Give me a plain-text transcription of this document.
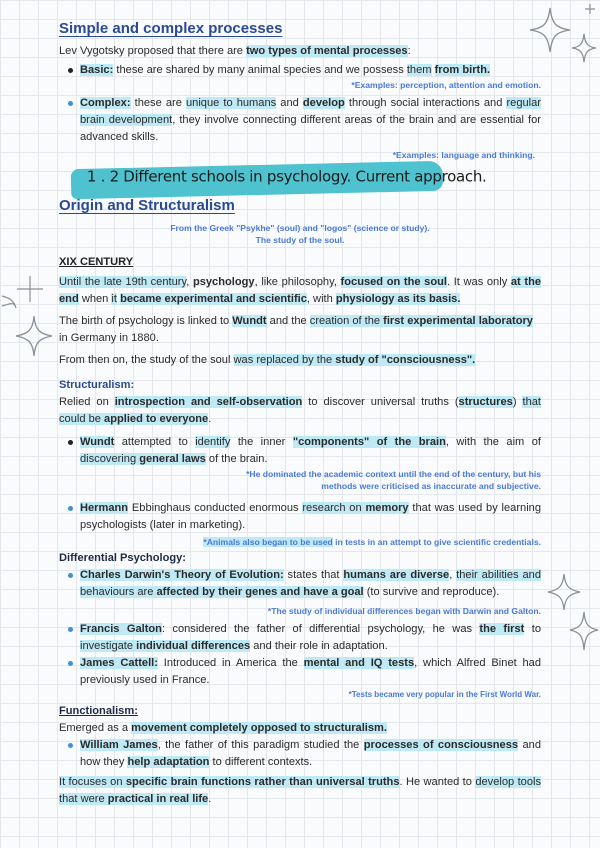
Simple and complex processes

Lev Vygotsky proposed that there are two types of mental processes:

Basic: these are shared by many animal species and we possess them from birth.

*Examples: perception, attention and emotion.

Complex: these are unique to humans and develop through social interactions and regular brain development, they involve connecting different areas of the brain and are essential for advanced skills.

*Examples: language and thinking.

1 . 2 Different schools in psychology. Current approach.
Origin and Structuralism

From the Greek "Psykhe" (soul) and "logos" (science or study).

The study of the soul.

XIX CENTURY

Until the late 19th century, psychology, like philosophy, focused on the soul. It was only at the end when it became experimental and scientific, with physiology as its basis.

The birth of psychology is linked to Wundt and the creation of the first experimental laboratory in Germany in 1880.

From then on, the study of the soul was replaced by the study of "consciousness".

Structuralism:

Relied on introspection and self-observation to discover universal truths (structures) that could be applied to everyone.

Wundt attempted to identify the inner "components" of the brain, with the aim of discovering general laws of the brain.

*He dominated the academic context until the end of the century, but his

methods were criticised as inaccurate and subjective.

Hermann Ebbinghaus conducted enormous research on memory that was used by learning psychologists (later in marketing).

*Animals also began to be used in tests in an attempt to give scientific credentials.

Differential Psychology:

Charles Darwin's Theory of Evolution: states that humans are diverse, their abilities and behaviours are affected by their genes and have a goal (to survive and reproduce).

*The study of individual differences began with Darwin and Galton.

Francis Galton: considered the father of differential psychology, he was the first to investigate individual differences and their role in adaptation.
James Cattell: Introduced in America the mental and IQ tests, which Alfred Binet had previously used in France.

*Tests became very popular in the First World War.

Functionalism:

Emerged as a movement completely opposed to structuralism.

William James, the father of this paradigm studied the processes of consciousness and how they help adaptation to different contexts.

It focuses on specific brain functions rather than universal truths. He wanted to develop tools that were practical in real life.
